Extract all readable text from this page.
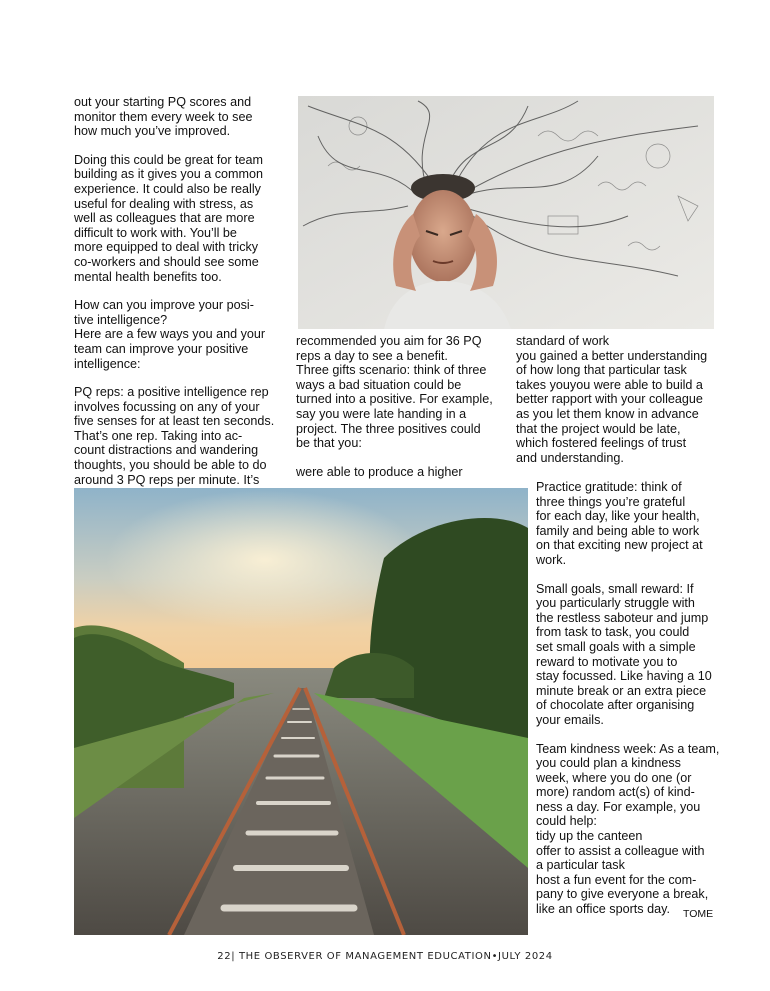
out your starting PQ scores and
monitor them every week to see
how much you’ve improved.

Doing this could be great for team
building as it gives you a common
experience. It could also be really
useful for dealing with stress, as
well as colleagues that are more
difficult to work with. You’ll be
more equipped to deal with tricky
co-workers and should see some
mental health benefits too.

How can you improve your posi-
tive intelligence?
Here are a few ways you and your
team can improve your positive
intelligence:

PQ reps: a positive intelligence rep
involves focussing on any of your
five senses for at least ten seconds.
That’s one rep. Taking into ac-
count distractions and wandering
thoughts, you should be able to do
around 3 PQ reps per minute. It’s

recommended you aim for 36 PQ
reps a day to see a benefit.
Three gifts scenario: think of three
ways a bad situation could be
turned into a positive. For example,
say you were late handing in a
project. The three positives could
be that you:

were able to produce a higher

standard of work
you gained a better understanding
of how long that particular task
takes youyou were able to build a
better rapport with your colleague
as you let them know in advance
that the project would be late,
which fostered feelings of trust
and understanding.

Practice gratitude: think of
three things you’re grateful
for each day, like your health,
family and being able to work
on that exciting new project at
work.

Small goals, small reward: If
you particularly struggle with
the restless saboteur and jump
from task to task, you could
set small goals with a simple
reward to motivate you to
stay focussed. Like having a 10
minute break or an extra piece
of chocolate after organising
your emails.

Team kindness week: As a team,
you could plan a kindness
week, where you do one (or
more) random act(s) of kind-
ness a day. For example, you
could help:
tidy up the canteen
offer to assist a colleague with
a particular task
host a fun event for the com-
pany to give everyone a break,
like an office sports day.	TOME
22| THE OBSERVER OF MANAGEMENT EDUCATION•JULY 2024
